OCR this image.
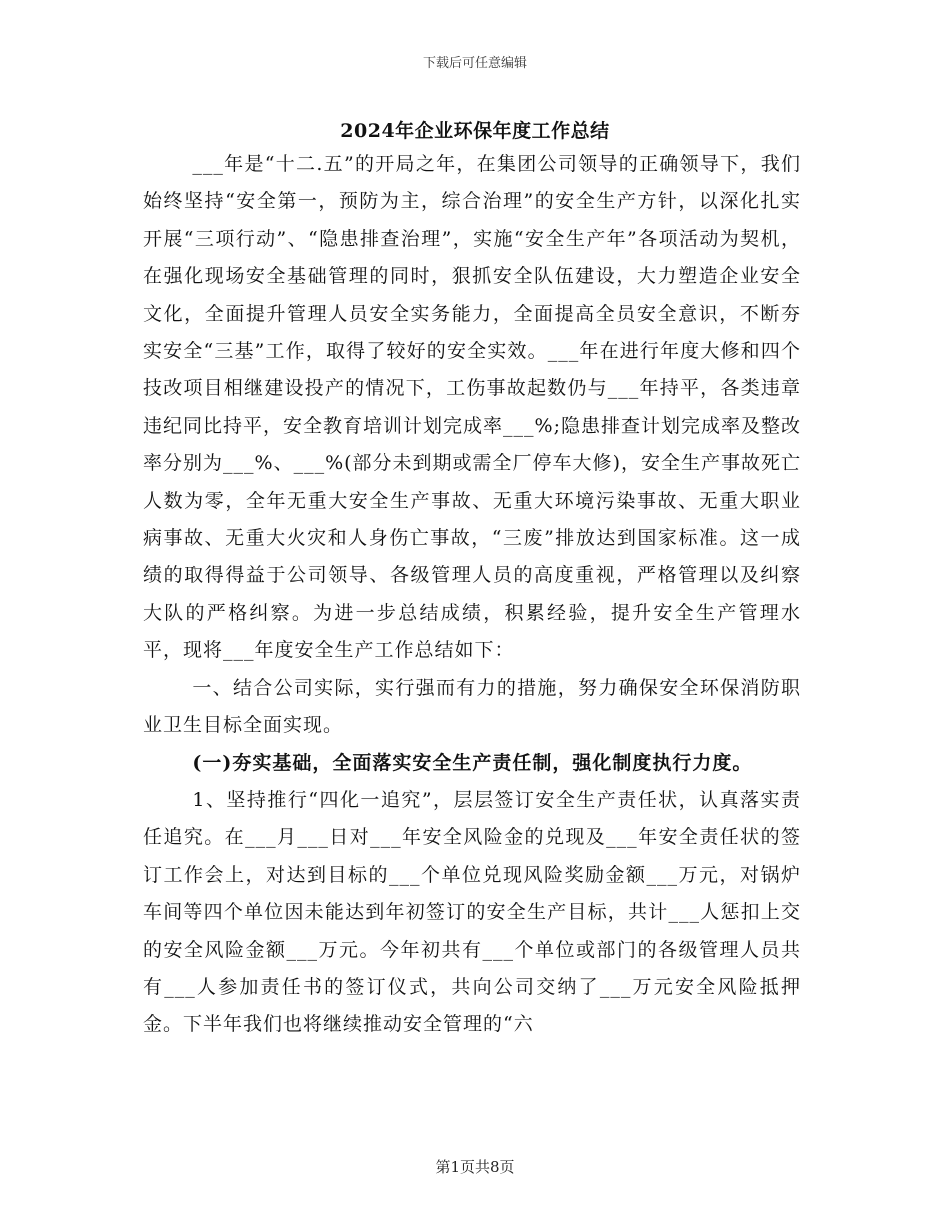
下载后可任意编辑
2024年企业环保年度工作总结

___年是“十二.五”的开局之年，在集团公司领导的正确领导下，我们始终坚持“安全第一，预防为主，综合治理”的安全生产方针，以深化扎实开展“三项行动”、“隐患排查治理”，实施“安全生产年”各项活动为契机，在强化现场安全基础管理的同时，狠抓安全队伍建设，大力塑造企业安全文化，全面提升管理人员安全实务能力，全面提高全员安全意识，不断夯实安全“三基”工作，取得了较好的安全实效。___年在进行年度大修和四个技改项目相继建设投产的情况下，工伤事故起数仍与___年持平，各类违章违纪同比持平，安全教育培训计划完成率___%;隐患排查计划完成率及整改率分别为___%、___%(部分未到期或需全厂停车大修)，安全生产事故死亡人数为零，全年无重大安全生产事故、无重大环境污染事故、无重大职业病事故、无重大火灾和人身伤亡事故，“三废”排放达到国家标准。这一成绩的取得得益于公司领导、各级管理人员的高度重视，严格管理以及纠察大队的严格纠察。为进一步总结成绩，积累经验，提升安全生产管理水平，现将___年度安全生产工作总结如下：

一、结合公司实际，实行强而有力的措施，努力确保安全环保消防职业卫生目标全面实现。

(一)夯实基础，全面落实安全生产责任制，强化制度执行力度。

1、坚持推行“四化一追究”，层层签订安全生产责任状，认真落实责任追究。在___月___日对___年安全风险金的兑现及___年安全责任状的签订工作会上，对达到目标的___个单位兑现风险奖励金额___万元，对锅炉车间等四个单位因未能达到年初签订的安全生产目标，共计___人惩扣上交的安全风险金额___万元。今年初共有___个单位或部门的各级管理人员共有___人参加责任书的签订仪式，共向公司交纳了___万元安全风险抵押金。下半年我们也将继续推动安全管理的“六

第1页共8页
